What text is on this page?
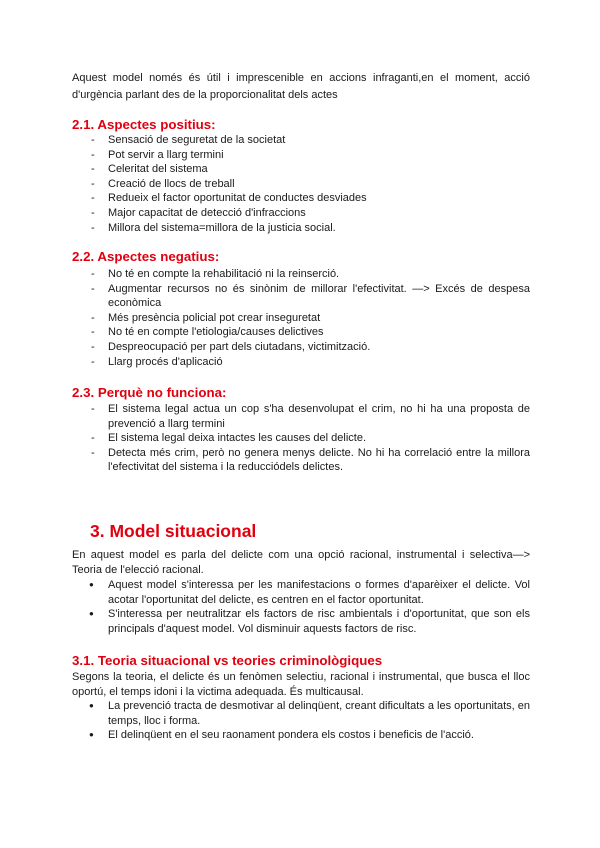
Aquest model només és útil i imprescenible en accions infraganti,en el moment, acció d'urgència parlant des de la proporcionalitat dels actes

2.1. Aspectes positius:
- Sensació de seguretat de la societat
- Pot servir a llarg termini
- Celeritat del sistema
- Creació de llocs de treball
- Redueix el factor oportunitat de conductes desviades
- Major capacitat de detecció d'infraccions
- Millora del sistema=millora de la justicia social.
2.2. Aspectes negatius:
- No té en compte la rehabilitació ni la reinserció.
- Augmentar recursos no és sinònim de millorar l'efectivitat. —> Excés de despesa econòmica
- Més presència policial pot crear inseguretat
- No té en compte l'etiologia/causes delictives
- Despreocupació per part dels ciutadans, victimització.
- Llarg procés d'aplicació
2.3. Perquè no funciona:
- El sistema legal actua un cop s'ha desenvolupat el crim, no hi ha una proposta de prevenció a llarg termini
- El sistema legal deixa intactes les causes del delicte.
- Detecta més crim, però no genera menys delicte. No hi ha correlació entre la millora l'efectivitat del sistema i la reducciódels delictes.
3. Model situacional

En aquest model es parla del delicte com una opció racional, instrumental i selectiva—> Teoria de l'elecció racional.

● Aquest model s'interessa per les manifestacions o formes d'aparèixer el delicte. Vol acotar l'oportunitat del delicte, es centren en el factor oportunitat.
● S'interessa per neutralitzar els factors de risc ambientals i d'oportunitat, que son els principals d'aquest model. Vol disminuir aquests factors de risc.
3.1. Teoria situacional vs teories criminològiques

Segons la teoria, el delicte és un fenòmen selectiu, racional i instrumental, que busca el lloc oportú, el temps idoni i la victima adequada. És multicausal.

● La prevenció tracta de desmotivar al delinqüent, creant dificultats a les oportunitats, en temps, lloc i forma.
● El delinqüent en el seu raonament pondera els costos i beneficis de l'acció.
